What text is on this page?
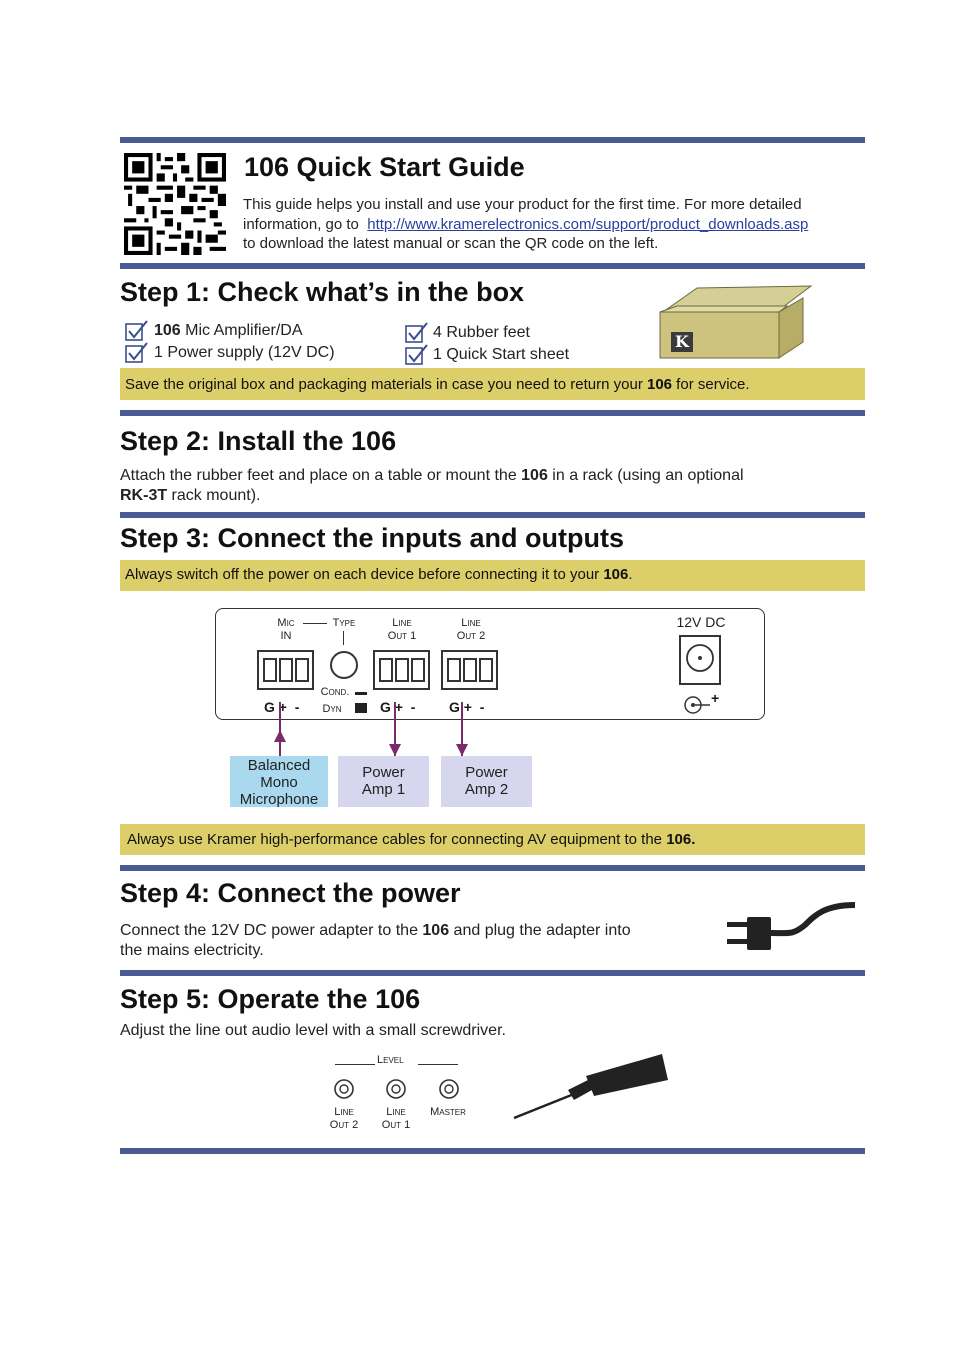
106 Quick Start Guide
This guide helps you install and use your product for the first time. For more detailed
information, go to http://www.kramerelectronics.com/support/product_downloads.asp
to download the latest manual or scan the QR code on the left.
Step 1: Check what’s in the box
106 Mic Amplifier/DA
1 Power supply (12V DC)
4 Rubber feet
1 Quick Start sheet
K
Save the original box and packaging materials in case you need to return your 106 for service.
Step 2: Install the 106
Attach the rubber feet and place on a table or mount the 106 in a rack (using an optional
RK-3T rack mount).
Step 3: Connect the inputs and outputs
Always switch off the power on each device before connecting it to your 106.
Mic
IN
Type	Line
Out 1
Line
Out 2
12V DC
Cond.
Dyn
G + -	G + - G + -
+
Balanced
Mono
Microphone
Power
Amp 1
Power
Amp 2
Always use Kramer high-performance cables for connecting AV equipment to the 106.
Step 4: Connect the power
Connect the 12V DC power adapter to the 106 and plug the adapter into
the mains electricity.
Step 5: Operate the 106
Adjust the line out audio level with a small screwdriver.
Level
Line
Out 2
Line
Out 1
Master
